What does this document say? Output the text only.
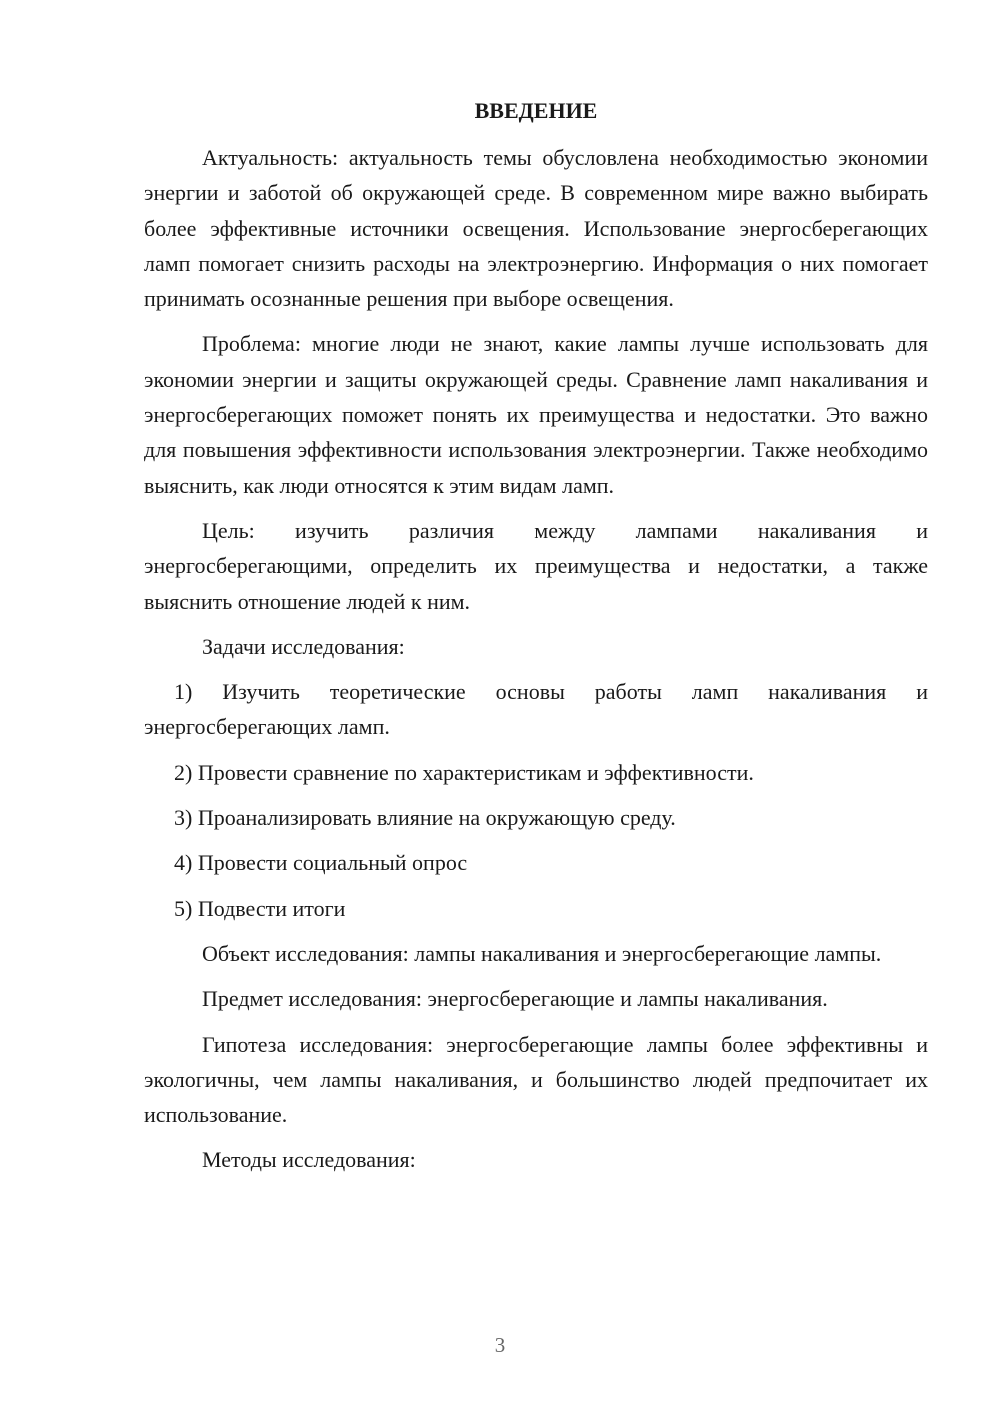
ВВЕДЕНИЕ

Актуальность: актуальность темы обусловлена необходимостью экономии энергии и заботой об окружающей среде. В современном мире важно выбирать более эффективные источники освещения. Использование энергосберегающих ламп помогает снизить расходы на электроэнергию. Информация о них помогает принимать осознанные решения при выборе освещения.

Проблема: многие люди не знают, какие лампы лучше использовать для экономии энергии и защиты окружающей среды. Сравнение ламп накаливания и энергосберегающих поможет понять их преимущества и недостатки. Это важно для повышения эффективности использования электроэнергии. Также необходимо выяснить, как люди относятся к этим видам ламп.

Цель: изучить различия между лампами накаливания и энергосберегающими, определить их преимущества и недостатки, а также выяснить отношение людей к ним.

Задачи исследования:

1) Изучить теоретические основы работы ламп накаливания и энергосберегающих ламп.

2) Провести сравнение по характеристикам и эффективности.

3) Проанализировать влияние на окружающую среду.

4) Провести социальный опрос

5) Подвести итоги

Объект исследования: лампы накаливания и энергосберегающие лампы.

Предмет исследования: энергосберегающие и лампы накаливания.

Гипотеза исследования: энергосберегающие лампы более эффективны и экологичны, чем лампы накаливания, и большинство людей предпочитает их использование.

Методы исследования:

3
